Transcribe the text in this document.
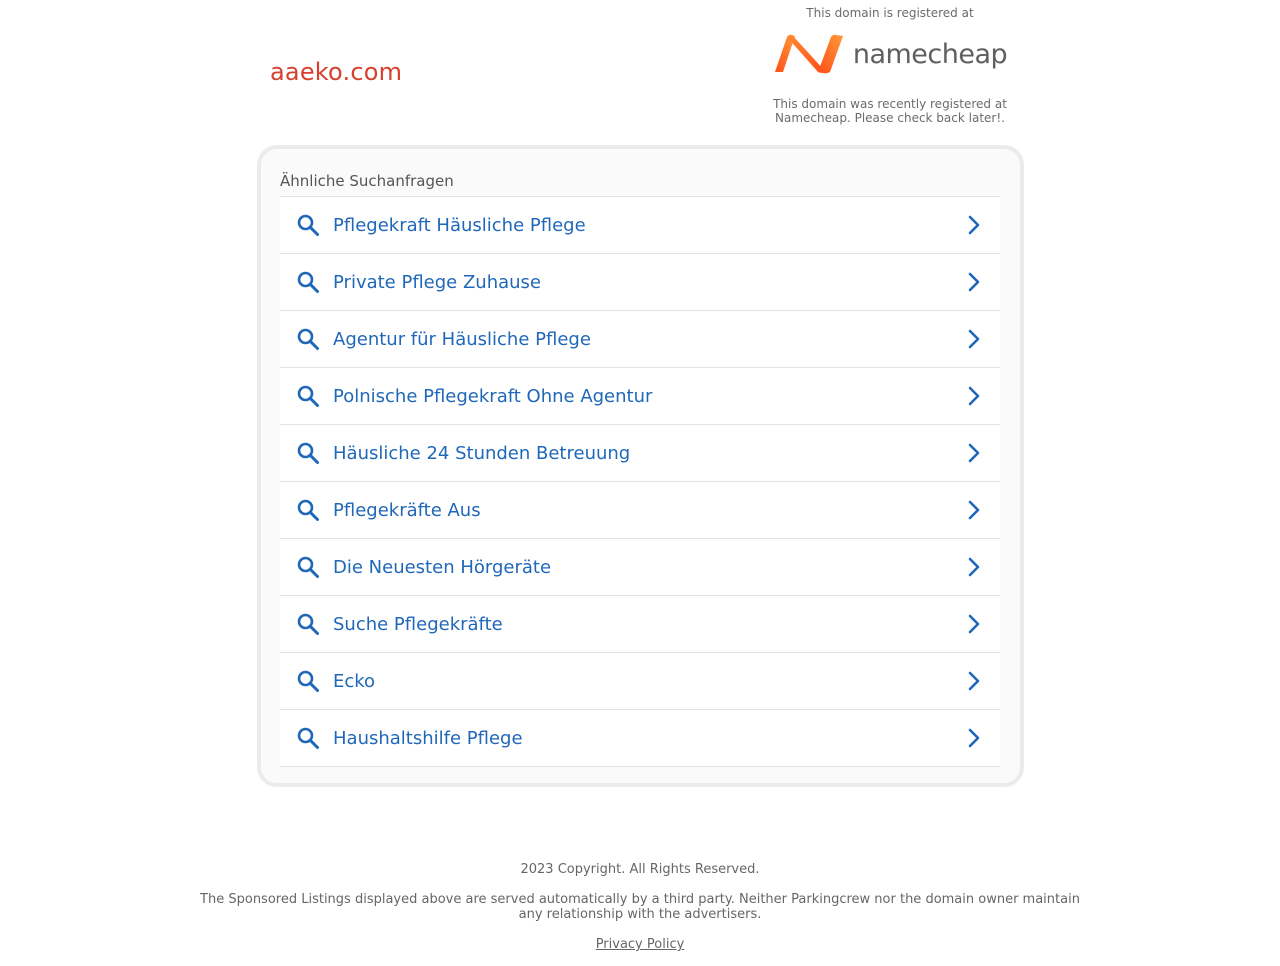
aaeko.com
This domain is registered at
namecheap
This domain was recently registered at
Namecheap. Please check back later!.
Ähnliche Suchanfragen
Pflegekraft Häusliche Pflege
Private Pflege Zuhause
Agentur für Häusliche Pflege
Polnische Pflegekraft Ohne Agentur
Häusliche 24 Stunden Betreuung
Pflegekräfte Aus
Die Neuesten Hörgeräte
Suche Pflegekräfte
Ecko
Haushaltshilfe Pflege
2023 Copyright. All Rights Reserved.
The Sponsored Listings displayed above are served automatically by a third party. Neither Parkingcrew nor the domain owner maintain any relationship with the advertisers.
Privacy Policy
